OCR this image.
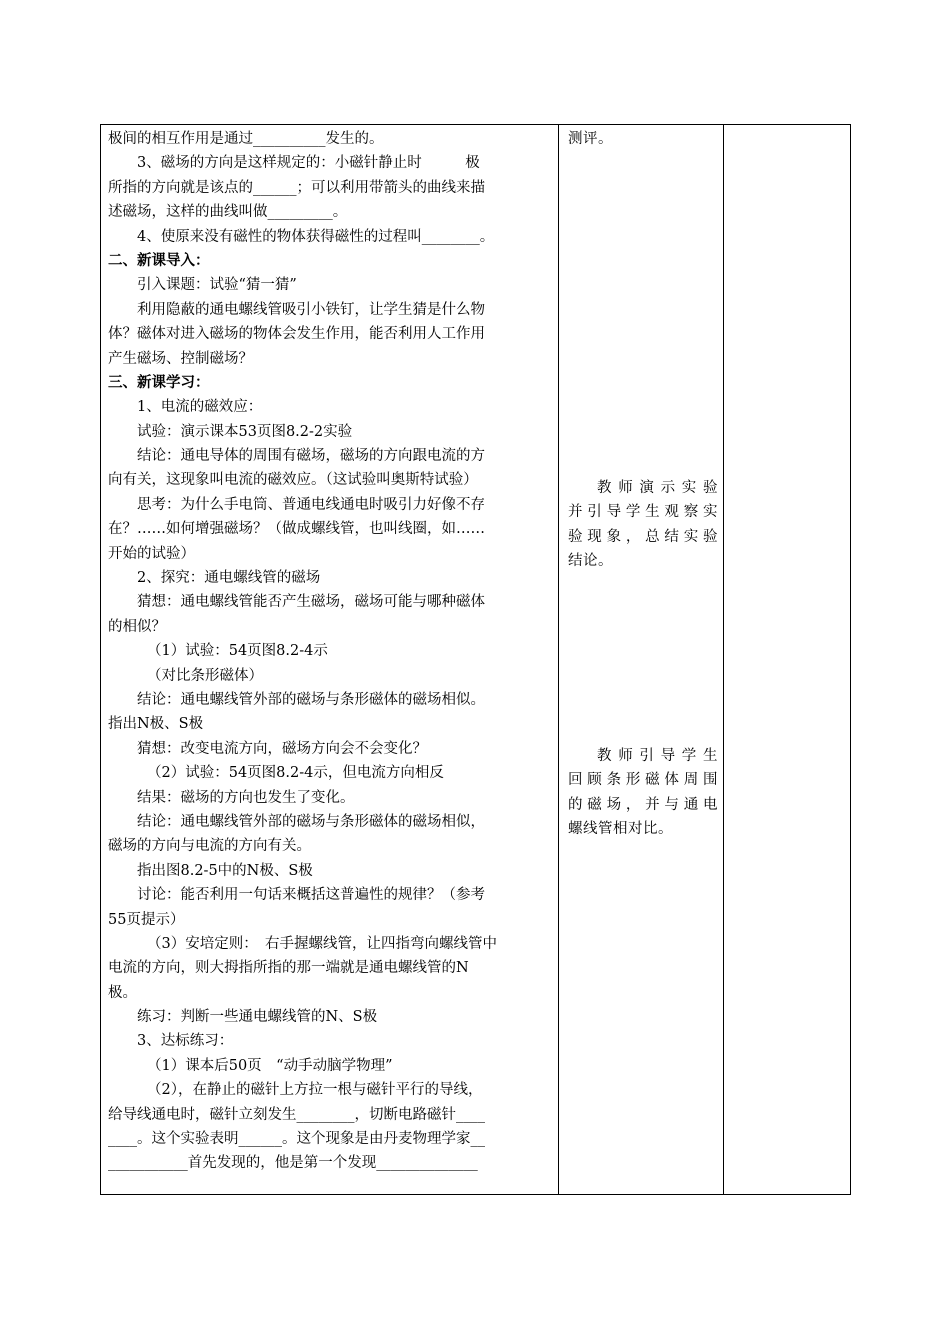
极间的相互作用是通过__________发生的。
3、磁场的方向是这样规定的：小磁针静止时　　　极
所指的方向就是该点的______；可以利用带箭头的曲线来描
述磁场，这样的曲线叫做_________。
4、使原来没有磁性的物体获得磁性的过程叫________。
二、新课导入：
引入课题：试验“猜一猜”
利用隐蔽的通电螺线管吸引小铁钉，让学生猜是什么物
体？磁体对进入磁场的物体会发生作用，能否利用人工作用
产生磁场、控制磁场？
三、新课学习：
1、电流的磁效应：
试验：演示课本53页图8.2-2实验
结论：通电导体的周围有磁场，磁场的方向跟电流的方
向有关，这现象叫电流的磁效应。（这试验叫奥斯特试验）
思考：为什么手电筒、普通电线通电时吸引力好像不存
在？……如何增强磁场？（做成螺线管，也叫线圈，如……
开始的试验）
2、探究：通电螺线管的磁场
猜想：通电螺线管能否产生磁场，磁场可能与哪种磁体
的相似？
（1）试验：54页图8.2-4示
（对比条形磁体）
结论：通电螺线管外部的磁场与条形磁体的磁场相似。
指出N极、S极
猜想：改变电流方向，磁场方向会不会变化？
（2）试验：54页图8.2-4示，但电流方向相反
结果：磁场的方向也发生了变化。
结论：通电螺线管外部的磁场与条形磁体的磁场相似，
磁场的方向与电流的方向有关。
指出图8.2-5中的N极、S极
讨论：能否利用一句话来概括这普遍性的规律？（参考
55页提示）
（3）安培定则：　右手握螺线管，让四指弯向螺线管中
电流的方向，则大拇指所指的那一端就是通电螺线管的N
极。
练习：判断一些通电螺线管的N、S极
3、达标练习：
（1）课本后50页　“动手动脑学物理”
（2），在静止的磁针上方拉一根与磁针平行的导线，
给导线通电时，磁针立刻发生________，切断电路磁针____
____。这个实验表明______。这个现象是由丹麦物理学家__
___________首先发现的，他是第一个发现______________
测评。
教师演示实验
并引导学生观察实
验现象，总结实验
结论。
教师引导学生
回顾条形磁体周围
的磁场，并与通电
螺线管相对比。
